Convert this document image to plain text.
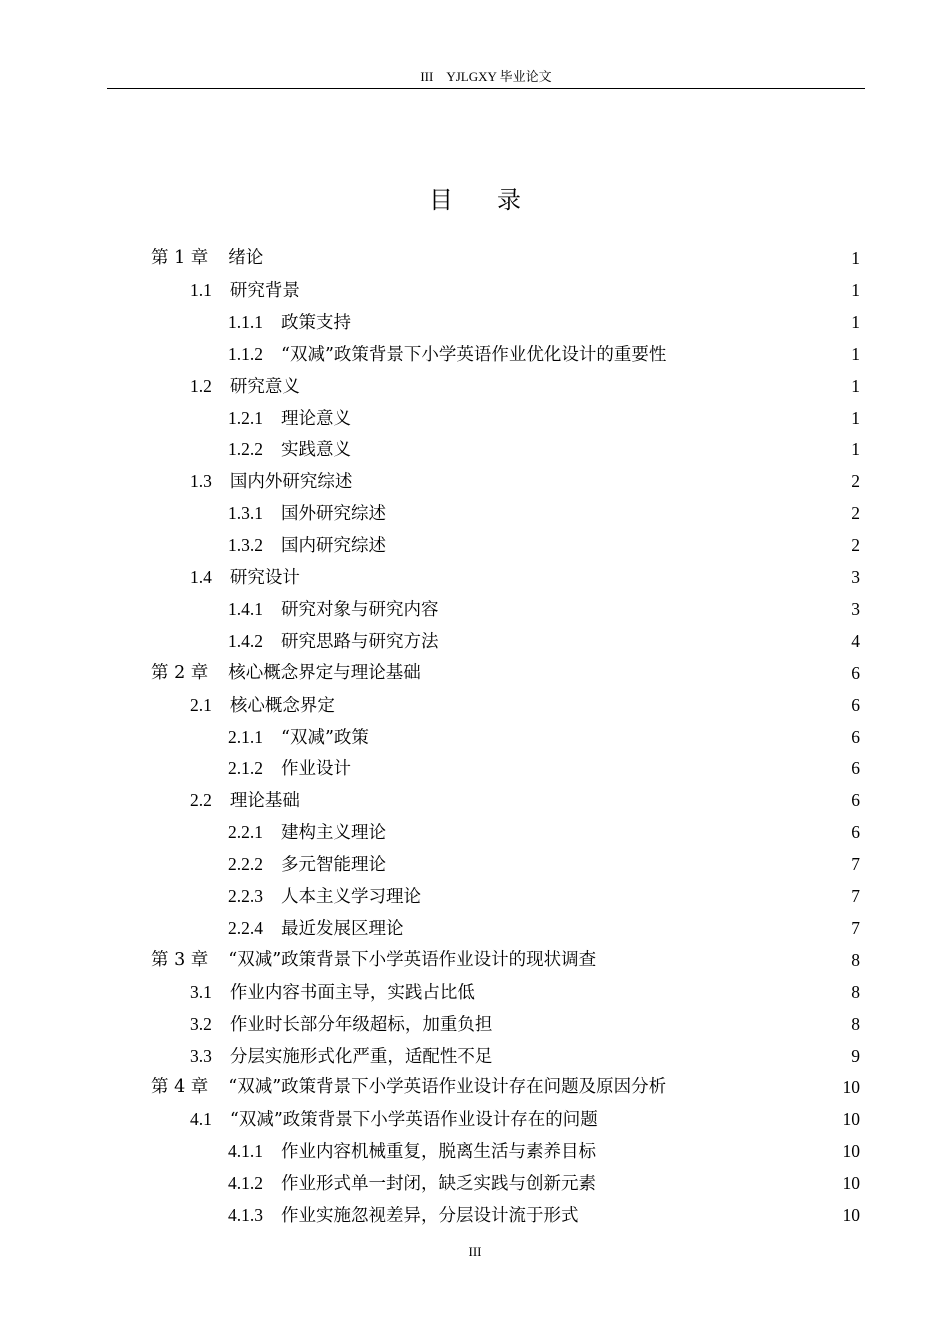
III　YJLGXY 毕业论文
目录
第 1 章 绪论	1
1.1 研究背景	1
1.1.1 政策支持	1
1.1.2 “双减”政策背景下小学英语作业优化设计的重要性	1
1.2 研究意义	1
1.2.1 理论意义	1
1.2.2 实践意义	1
1.3 国内外研究综述	2
1.3.1 国外研究综述	2
1.3.2 国内研究综述	2
1.4 研究设计	3
1.4.1 研究对象与研究内容	3
1.4.2 研究思路与研究方法	4
第 2 章 核心概念界定与理论基础	6
2.1 核心概念界定	6
2.1.1 “双减”政策	6
2.1.2 作业设计	6
2.2 理论基础	6
2.2.1 建构主义理论	6
2.2.2 多元智能理论	7
2.2.3 人本主义学习理论	7
2.2.4 最近发展区理论	7
第 3 章 “双减”政策背景下小学英语作业设计的现状调查	8
3.1 作业内容书面主导，实践占比低	8
3.2 作业时长部分年级超标，加重负担	8
3.3 分层实施形式化严重，适配性不足	9
第 4 章 “双减”政策背景下小学英语作业设计存在问题及原因分析	10
4.1 “双减”政策背景下小学英语作业设计存在的问题	10
4.1.1 作业内容机械重复，脱离生活与素养目标	10
4.1.2 作业形式单一封闭，缺乏实践与创新元素	10
4.1.3 作业实施忽视差异，分层设计流于形式	10
III
